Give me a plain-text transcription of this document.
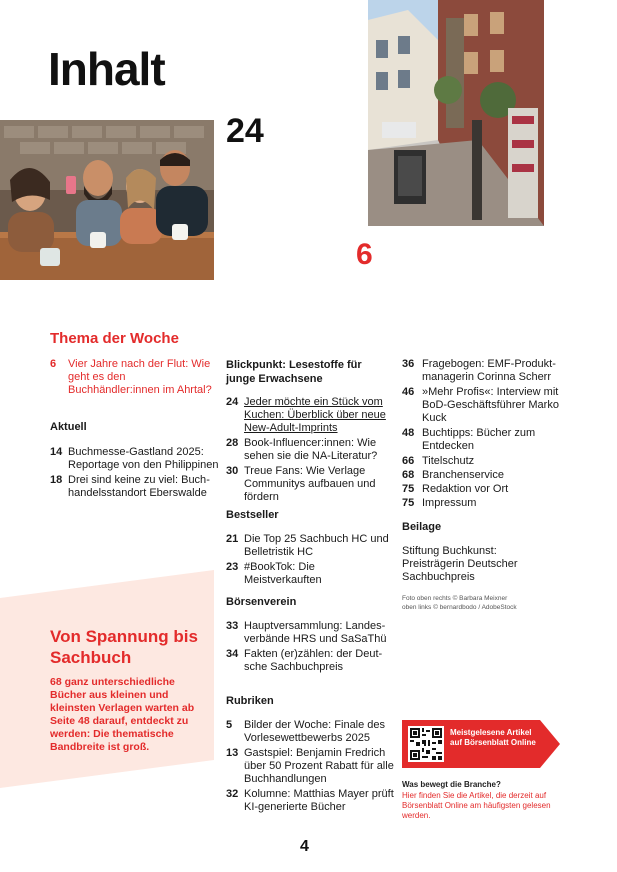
Inhalt
24
6
Thema der Woche
6	Vier Jahre nach der Flut: Wie geht es den Buchhändler:innen im Ahrtal?
Aktuell
14 Buchmesse-Gastland 2025: Reportage von den Philippinen
18 Drei sind keine zu viel: Buchhandelsstandort Eberswalde
Von Spannung bis Sachbuch
68 ganz unterschiedliche Bücher aus kleinen und kleinsten Verlagen warten ab Seite 48 darauf, entdeckt zu werden: Die thematische Bandbreite ist groß.
Blickpunkt: Lesestoffe für junge Erwachsene
24 Jeder möchte ein Stück vom Kuchen: Überblick über neue New-Adult-Imprints
28 Book-Influencer:innen: Wie sehen sie die NA-Literatur?
30 Treue Fans: Wie Verlage Communitys aufbauen und fördern
Bestseller
21 Die Top 25 Sachbuch HC und Belletristik HC
23 #BookTok: Die Meistverkauften
Börsenverein
33 Hauptversammlung: Landesverbände HRS und SaSaThü
34 Fakten (er)zählen: der Deutsche Sachbuchpreis
Rubriken
5	Bilder der Woche: Finale des Vorlesewettbewerbs 2025
13 Gastspiel: Benjamin Fredrich über 50 Prozent Rabatt für alle Buchhandlungen
32 Kolumne: Matthias Mayer prüft KI-generierte Bücher
36 Fragebogen: EMF-Produktmanagerin Corinna Scherr
46 »Mehr Profis«: Interview mit BoD-Geschäftsführer Marko Kuck
48 Buchtipps: Bücher zum Entdecken
66 Titelschutz
68 Branchenservice
75 Redaktion vor Ort
75 Impressum
Beilage
Stiftung Buchkunst: Preisträgerin Deutscher Sachbuchpreis
Foto oben rechts © Barbara Meixner
oben links © bernardbodo / AdobeStock
Meistgelesene Artikel auf Börsenblatt Online
Was bewegt die Branche?
Hier finden Sie die Artikel, die derzeit auf Börsenblatt Online am häufigsten gelesen werden.
4
